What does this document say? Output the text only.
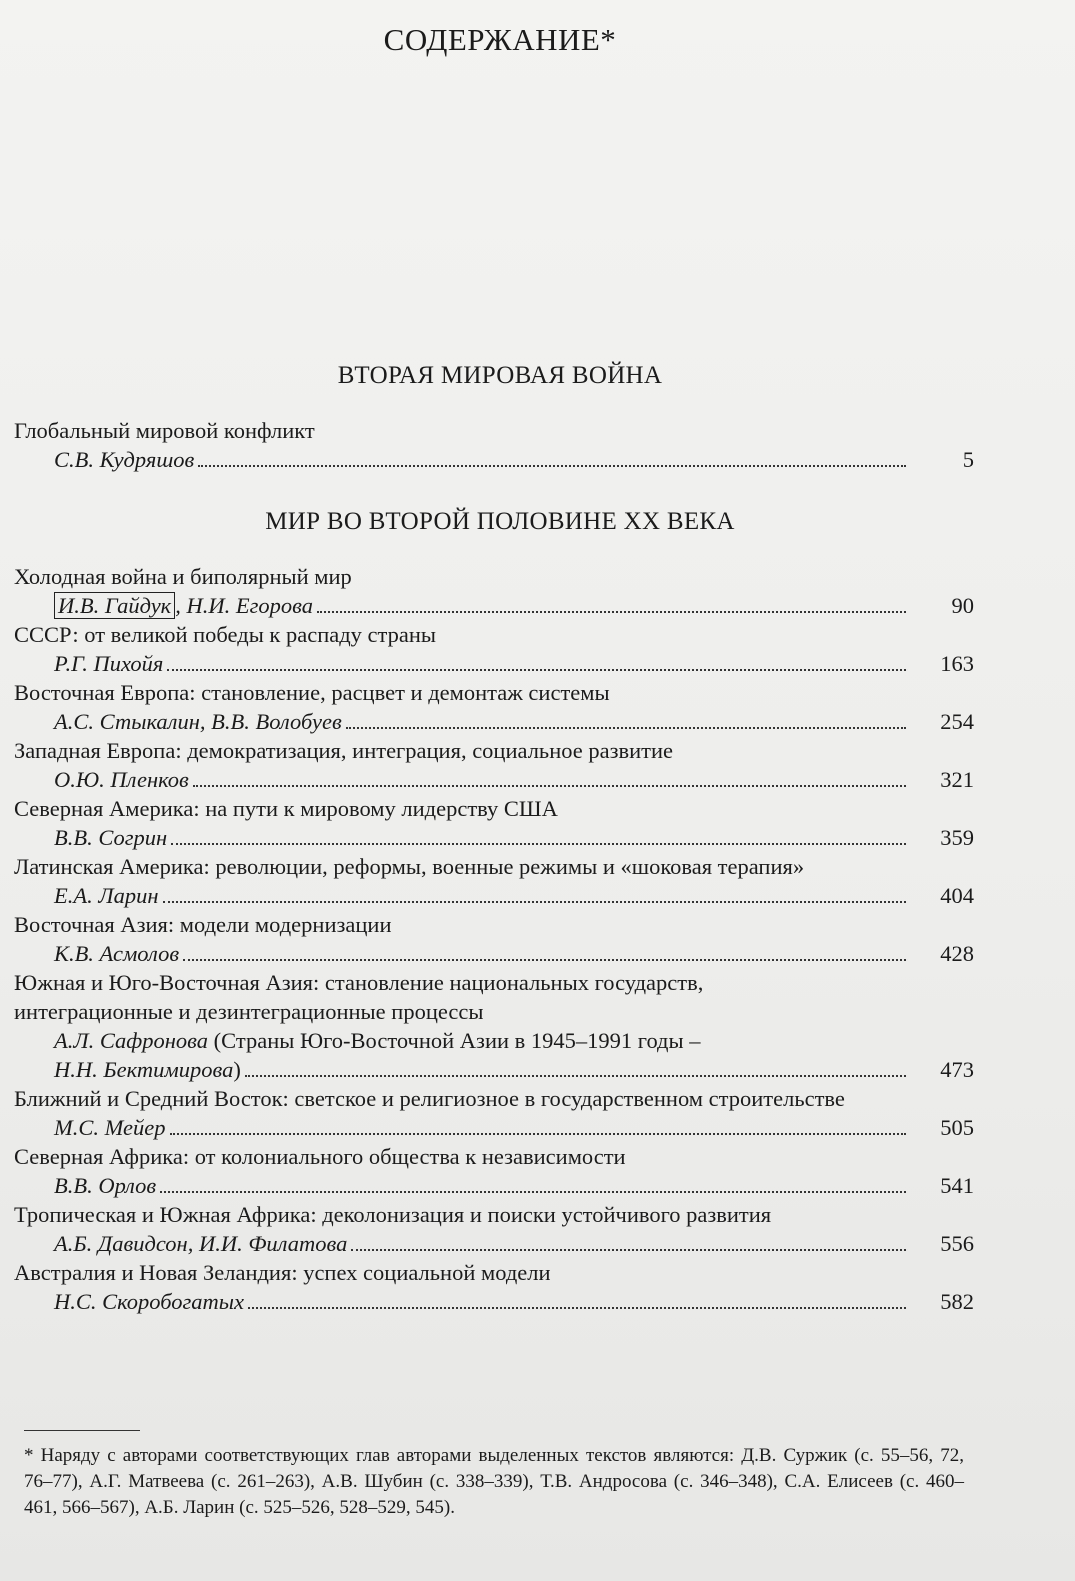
СОДЕРЖАНИЕ*
ВТОРАЯ МИРОВАЯ ВОЙНА
Глобальный мировой конфликт
С.В. Кудряшов	5
МИР ВО ВТОРОЙ ПОЛОВИНЕ XX ВЕКА
Холодная война и биполярный мир
И.В. Гайдук , Н.И. Егорова	90
СССР: от великой победы к распаду страны
Р.Г. Пихойя	163
Восточная Европа: становление, расцвет и демонтаж системы
А.С. Стыкалин, В.В. Волобуев	254
Западная Европа: демократизация, интеграция, социальное развитие
О.Ю. Пленков	321
Северная Америка: на пути к мировому лидерству США
В.В. Согрин	359
Латинская Америка: революции, реформы, военные режимы и «шоковая терапия»
Е.А. Ларин	404
Восточная Азия: модели модернизации
К.В. Асмолов	428
Южная и Юго-Восточная Азия: становление национальных государств, интеграционные и дезинтеграционные процессы
А.Л. Сафронова (Страны Юго-Восточной Азии в 1945–1991 годы –
Н.Н. Бектимирова)	473
Ближний и Средний Восток: светское и религиозное в государственном строительстве
М.С. Мейер	505
Северная Африка: от колониального общества к независимости
В.В. Орлов	541
Тропическая и Южная Африка: деколонизация и поиски устойчивого развития
А.Б. Давидсон, И.И. Филатова	556
Австралия и Новая Зеландия: успех социальной модели
Н.С. Скоробогатых	582
* Наряду с авторами соответствующих глав авторами выделенных текстов являются: Д.В. Суржик (с. 55–56, 72, 76–77), А.Г. Матвеева (с. 261–263), А.В. Шубин (с. 338–339), Т.В. Андросова (с. 346–348), С.А. Елисеев (с. 460–461, 566–567), А.Б. Ларин (с. 525–526, 528–529, 545).
